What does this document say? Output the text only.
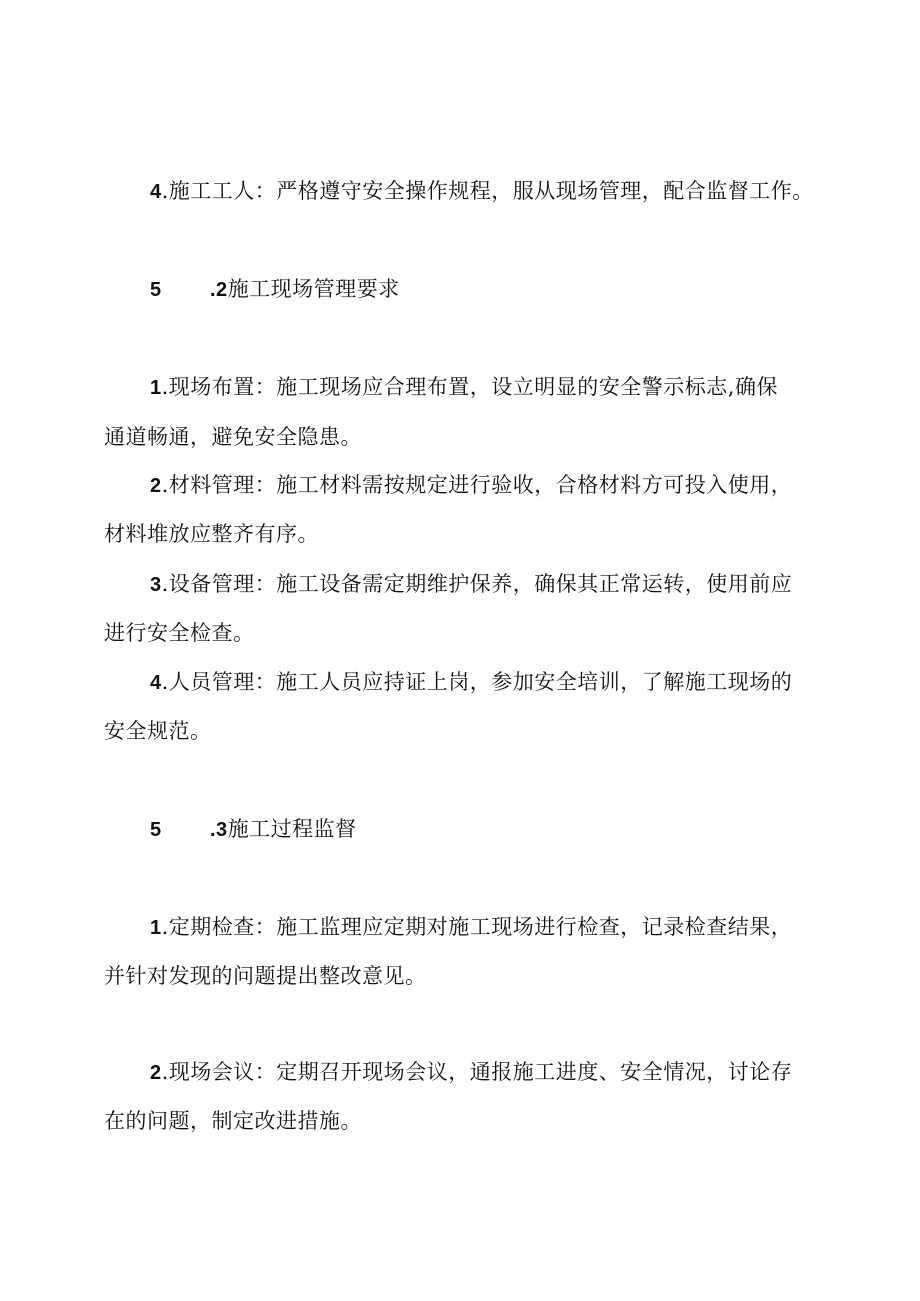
4.施工工人：严格遵守安全操作规程，服从现场管理，配合监督工作。
5 .2施工现场管理要求
1.现场布置：施工现场应合理布置，设立明显的安全警示标志,确保
通道畅通，避免安全隐患。
2.材料管理：施工材料需按规定进行验收，合格材料方可投入使用，
材料堆放应整齐有序。
3.设备管理：施工设备需定期维护保养，确保其正常运转，使用前应
进行安全检查。
4.人员管理：施工人员应持证上岗，参加安全培训，了解施工现场的
安全规范。
5 .3施工过程监督
1.定期检查：施工监理应定期对施工现场进行检查，记录检查结果，
并针对发现的问题提出整改意见。
2.现场会议：定期召开现场会议，通报施工进度、安全情况，讨论存
在的问题，制定改进措施。
